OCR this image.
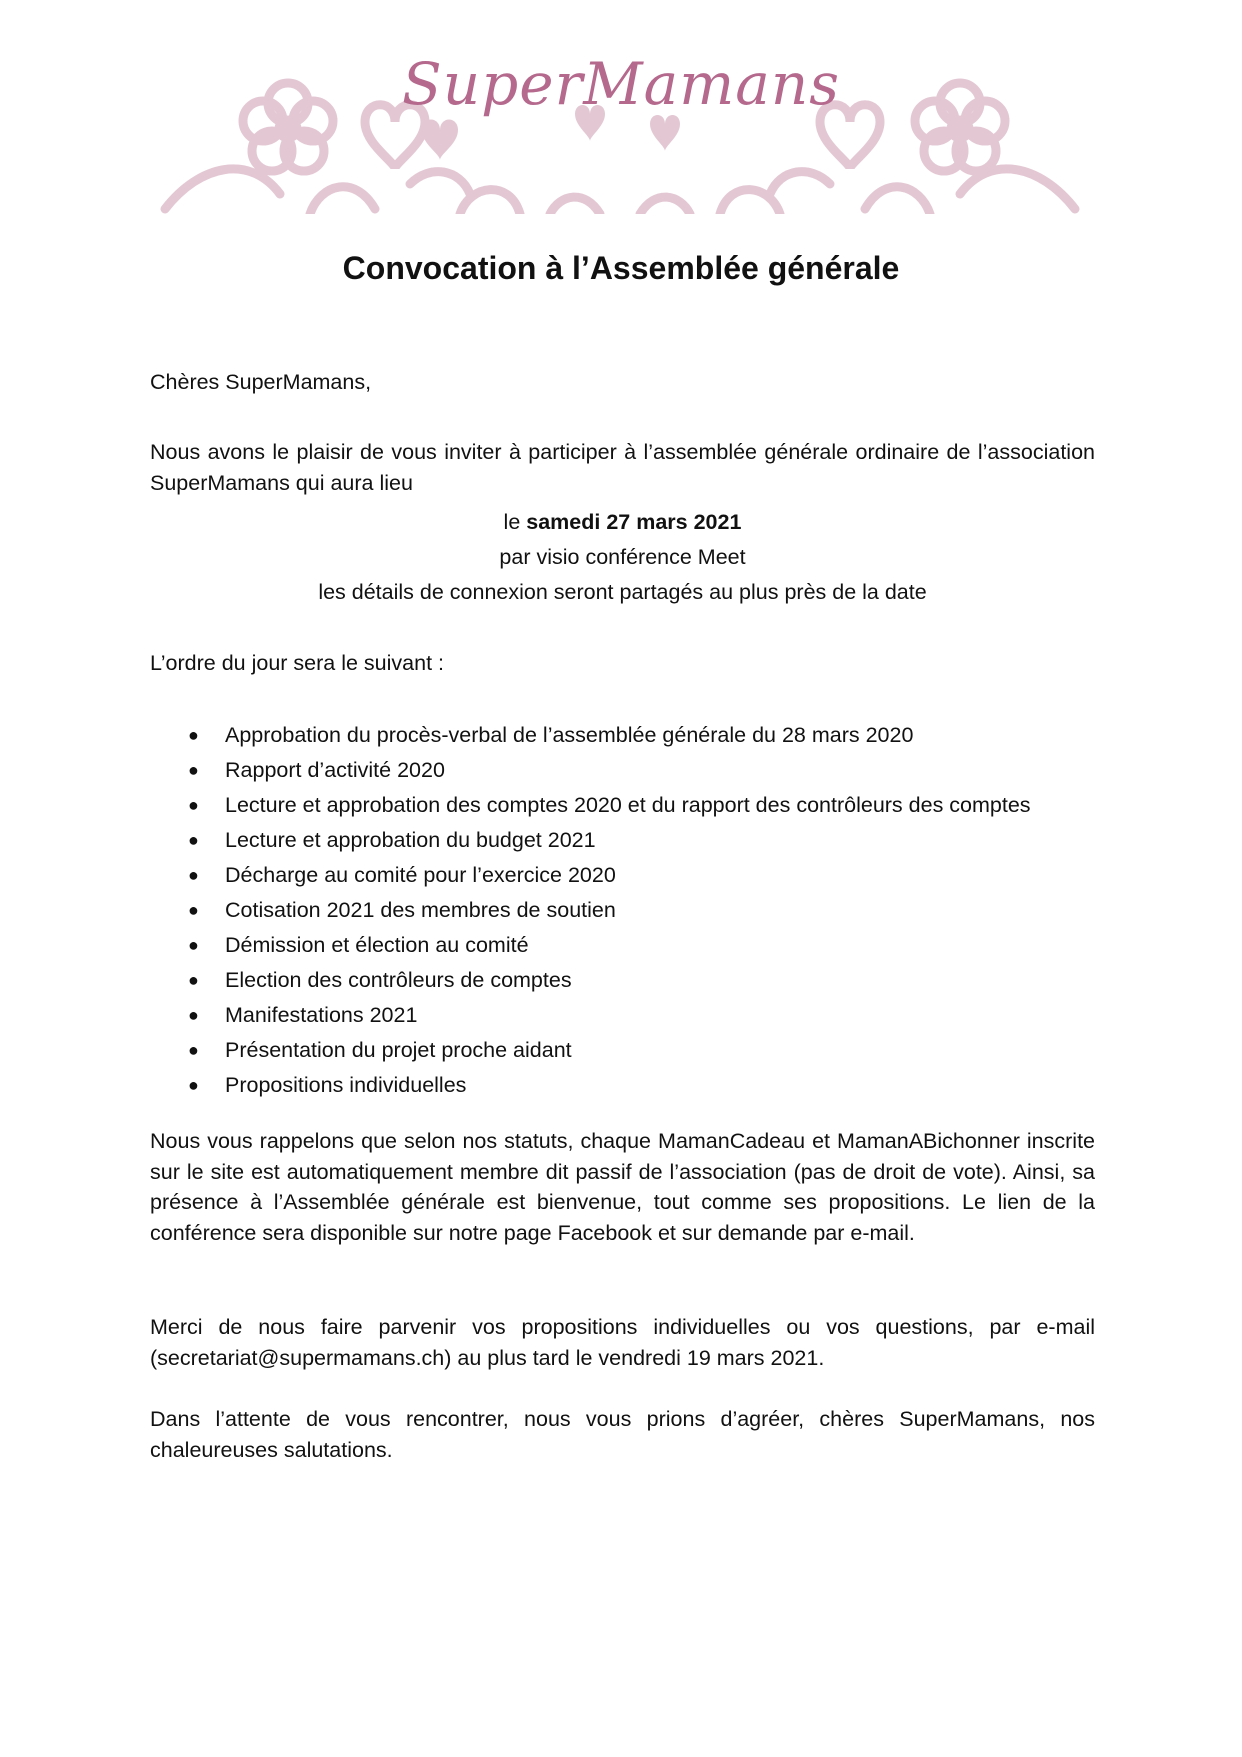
SuperMamans
Convocation à l’Assemblée générale

Chères SuperMamans,

Nous avons le plaisir de vous inviter à participer à l’assemblée générale ordinaire de l’association SuperMamans qui aura lieu

le samedi 27 mars 2021
par visio conférence Meet
les détails de connexion seront partagés au plus près de la date

L’ordre du jour sera le suivant :

● Approbation du procès-verbal de l’assemblée générale du 28 mars 2020
● Rapport d’activité 2020
● Lecture et approbation des comptes 2020 et du rapport des contrôleurs des comptes
● Lecture et approbation du budget 2021
● Décharge au comité pour l’exercice 2020
● Cotisation 2021 des membres de soutien
● Démission et élection au comité
● Election des contrôleurs de comptes
● Manifestations 2021
● Présentation du projet proche aidant
● Propositions individuelles

Nous vous rappelons que selon nos statuts, chaque MamanCadeau et MamanABichonner inscrite sur le site est automatiquement membre dit passif de l’association (pas de droit de vote). Ainsi, sa présence à l’Assemblée générale est bienvenue, tout comme ses propositions. Le lien de la conférence sera disponible sur notre page Facebook et sur demande par e-mail.

Merci de nous faire parvenir vos propositions individuelles ou vos questions, par e-mail (secretariat@supermamans.ch) au plus tard le vendredi 19 mars 2021.

Dans l’attente de vous rencontrer, nous vous prions d’agréer, chères SuperMamans, nos chaleureuses salutations.
